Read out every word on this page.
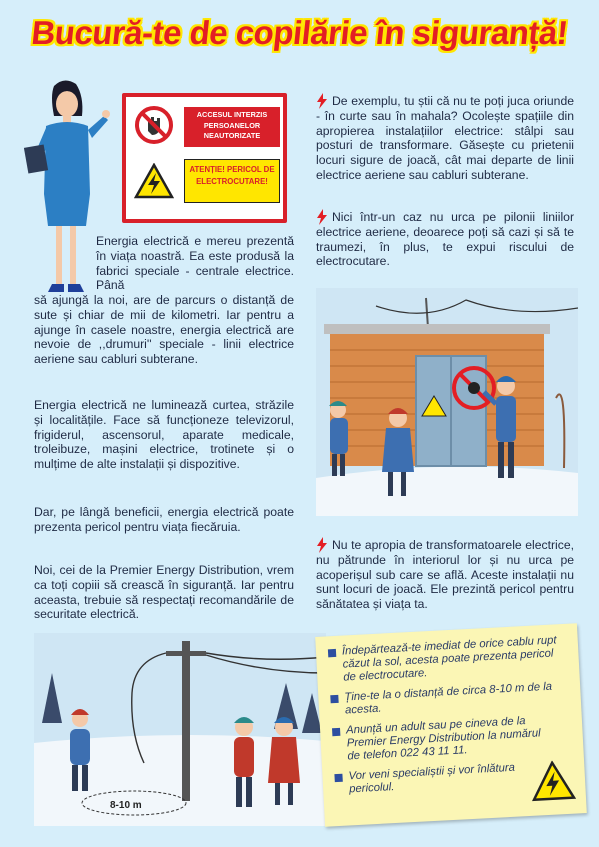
Bucură-te de copilărie în siguranță!
ACCESUL INTERZIS PERSOANELOR NEAUTORIZATE
ATENȚIE! PERICOL DE ELECTROCUTARE!
Energia electrică e mereu prezentă în viața noastră. Ea este produsă la fabrici speciale - centrale electrice. Până
să ajungă la noi, are de parcurs o distanță de sute și chiar de mii de kilometri. Iar pentru a ajunge în casele noastre, energia electrică are nevoie de ,,drumuri'' speciale - linii electrice aeriene sau cabluri subterane.
Energia electrică ne luminează curtea, străzile și localitățile. Face să funcționeze televizorul, frigiderul, ascensorul, aparate medicale, troleibuze, mașini electrice, trotinete și o mulțime de alte instalații și dispozitive.
Dar, pe lângă beneficii, energia electrică poate prezenta pericol pentru viața fiecăruia.
Noi, cei de la Premier Energy Distribution, vrem ca toți copiii să crească în siguranță. Iar pentru aceasta, trebuie să respectați recomandările de securitate electrică.
De exemplu, tu știi că nu te poți juca oriunde - în curte sau în mahala? Ocolește spațiile din apropierea instalațiilor electrice: stâlpi sau posturi de transformare. Găsește cu prietenii locuri sigure de joacă, cât mai departe de linii electrice aeriene sau cabluri subterane.
Nici într-un caz nu urca pe pilonii liniilor electrice aeriene, deoarece poți să cazi și să te traumezi, în plus, te expui riscului de electrocutare.
Nu te apropia de transformatoarele electrice, nu pătrunde în interiorul lor și nu urca pe acoperișul sub care se află. Aceste instalații nu sunt locuri de joacă. Ele prezintă pericol pentru sănătatea și viața ta.
8-10 m
Îndepărtează-te imediat de orice cablu rupt căzut la sol, acesta poate prezenta pericol de electrocutare.
Ține-te la o distanță de circa 8-10 m de la acesta.
Anunță un adult sau pe cineva de la Premier Energy Distribution la numărul de telefon 022 43 11 11.
Vor veni specialiștii și vor înlătura pericolul.
